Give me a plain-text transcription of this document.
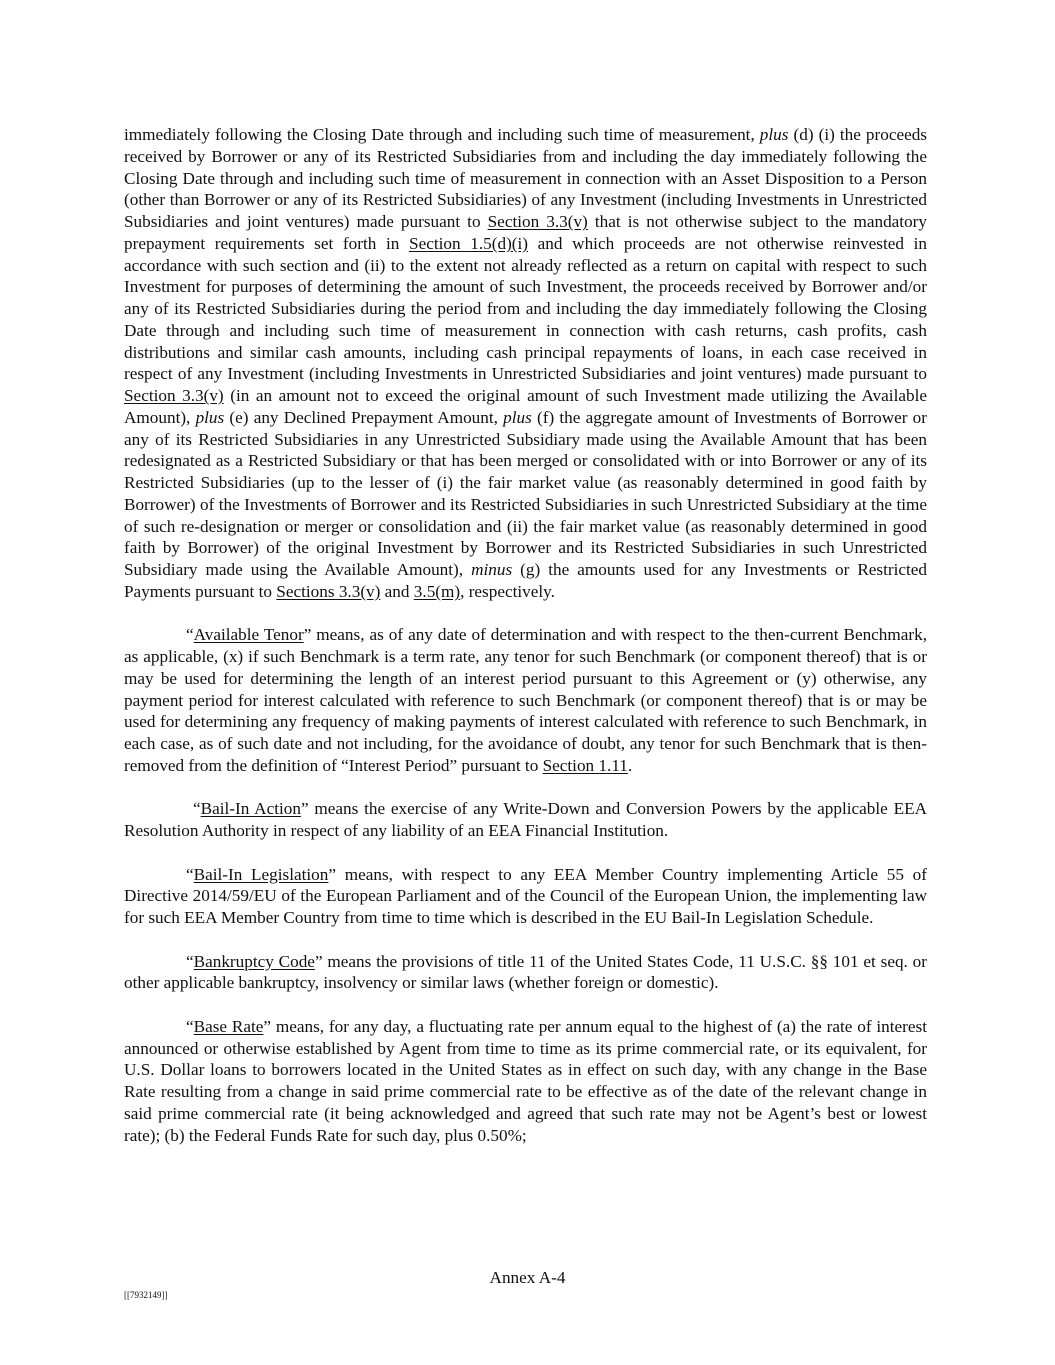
immediately following the Closing Date through and including such time of measurement, plus (d) (i) the proceeds received by Borrower or any of its Restricted Subsidiaries from and including the day immediately following the Closing Date through and including such time of measurement in connection with an Asset Disposition to a Person (other than Borrower or any of its Restricted Subsidiaries) of any Investment (including Investments in Unrestricted Subsidiaries and joint ventures) made pursuant to Section 3.3(v) that is not otherwise subject to the mandatory prepayment requirements set forth in Section 1.5(d)(i) and which proceeds are not otherwise reinvested in accordance with such section and (ii) to the extent not already reflected as a return on capital with respect to such Investment for purposes of determining the amount of such Investment, the proceeds received by Borrower and/or any of its Restricted Subsidiaries during the period from and including the day immediately following the Closing Date through and including such time of measurement in connection with cash returns, cash profits, cash distributions and similar cash amounts, including cash principal repayments of loans, in each case received in respect of any Investment (including Investments in Unrestricted Subsidiaries and joint ventures) made pursuant to Section 3.3(v) (in an amount not to exceed the original amount of such Investment made utilizing the Available Amount), plus (e) any Declined Prepayment Amount, plus (f) the aggregate amount of Investments of Borrower or any of its Restricted Subsidiaries in any Unrestricted Subsidiary made using the Available Amount that has been redesignated as a Restricted Subsidiary or that has been merged or consolidated with or into Borrower or any of its Restricted Subsidiaries (up to the lesser of (i) the fair market value (as reasonably determined in good faith by Borrower) of the Investments of Borrower and its Restricted Subsidiaries in such Unrestricted Subsidiary at the time of such re-designation or merger or consolidation and (ii) the fair market value (as reasonably determined in good faith by Borrower) of the original Investment by Borrower and its Restricted Subsidiaries in such Unrestricted Subsidiary made using the Available Amount), minus (g) the amounts used for any Investments or Restricted Payments pursuant to Sections 3.3(v) and 3.5(m), respectively.

“Available Tenor” means, as of any date of determination and with respect to the then-current Benchmark, as applicable, (x) if such Benchmark is a term rate, any tenor for such Benchmark (or component thereof) that is or may be used for determining the length of an interest period pursuant to this Agreement or (y) otherwise, any payment period for interest calculated with reference to such Benchmark (or component thereof) that is or may be used for determining any frequency of making payments of interest calculated with reference to such Benchmark, in each case, as of such date and not including, for the avoidance of doubt, any tenor for such Benchmark that is then-removed from the definition of “Interest Period” pursuant to Section 1.11.

“Bail-In Action” means the exercise of any Write-Down and Conversion Powers by the applicable EEA Resolution Authority in respect of any liability of an EEA Financial Institution.

“Bail-In Legislation” means, with respect to any EEA Member Country implementing Article 55 of Directive 2014/59/EU of the European Parliament and of the Council of the European Union, the implementing law for such EEA Member Country from time to time which is described in the EU Bail-In Legislation Schedule.

“Bankruptcy Code” means the provisions of title 11 of the United States Code, 11 U.S.C. §§ 101 et seq. or other applicable bankruptcy, insolvency or similar laws (whether foreign or domestic).

“Base Rate” means, for any day, a fluctuating rate per annum equal to the highest of (a) the rate of interest announced or otherwise established by Agent from time to time as its prime commercial rate, or its equivalent, for U.S. Dollar loans to borrowers located in the United States as in effect on such day, with any change in the Base Rate resulting from a change in said prime commercial rate to be effective as of the date of the relevant change in said prime commercial rate (it being acknowledged and agreed that such rate may not be Agent’s best or lowest rate); (b) the Federal Funds Rate for such day, plus 0.50%;

Annex A-4
[[7932149]]
